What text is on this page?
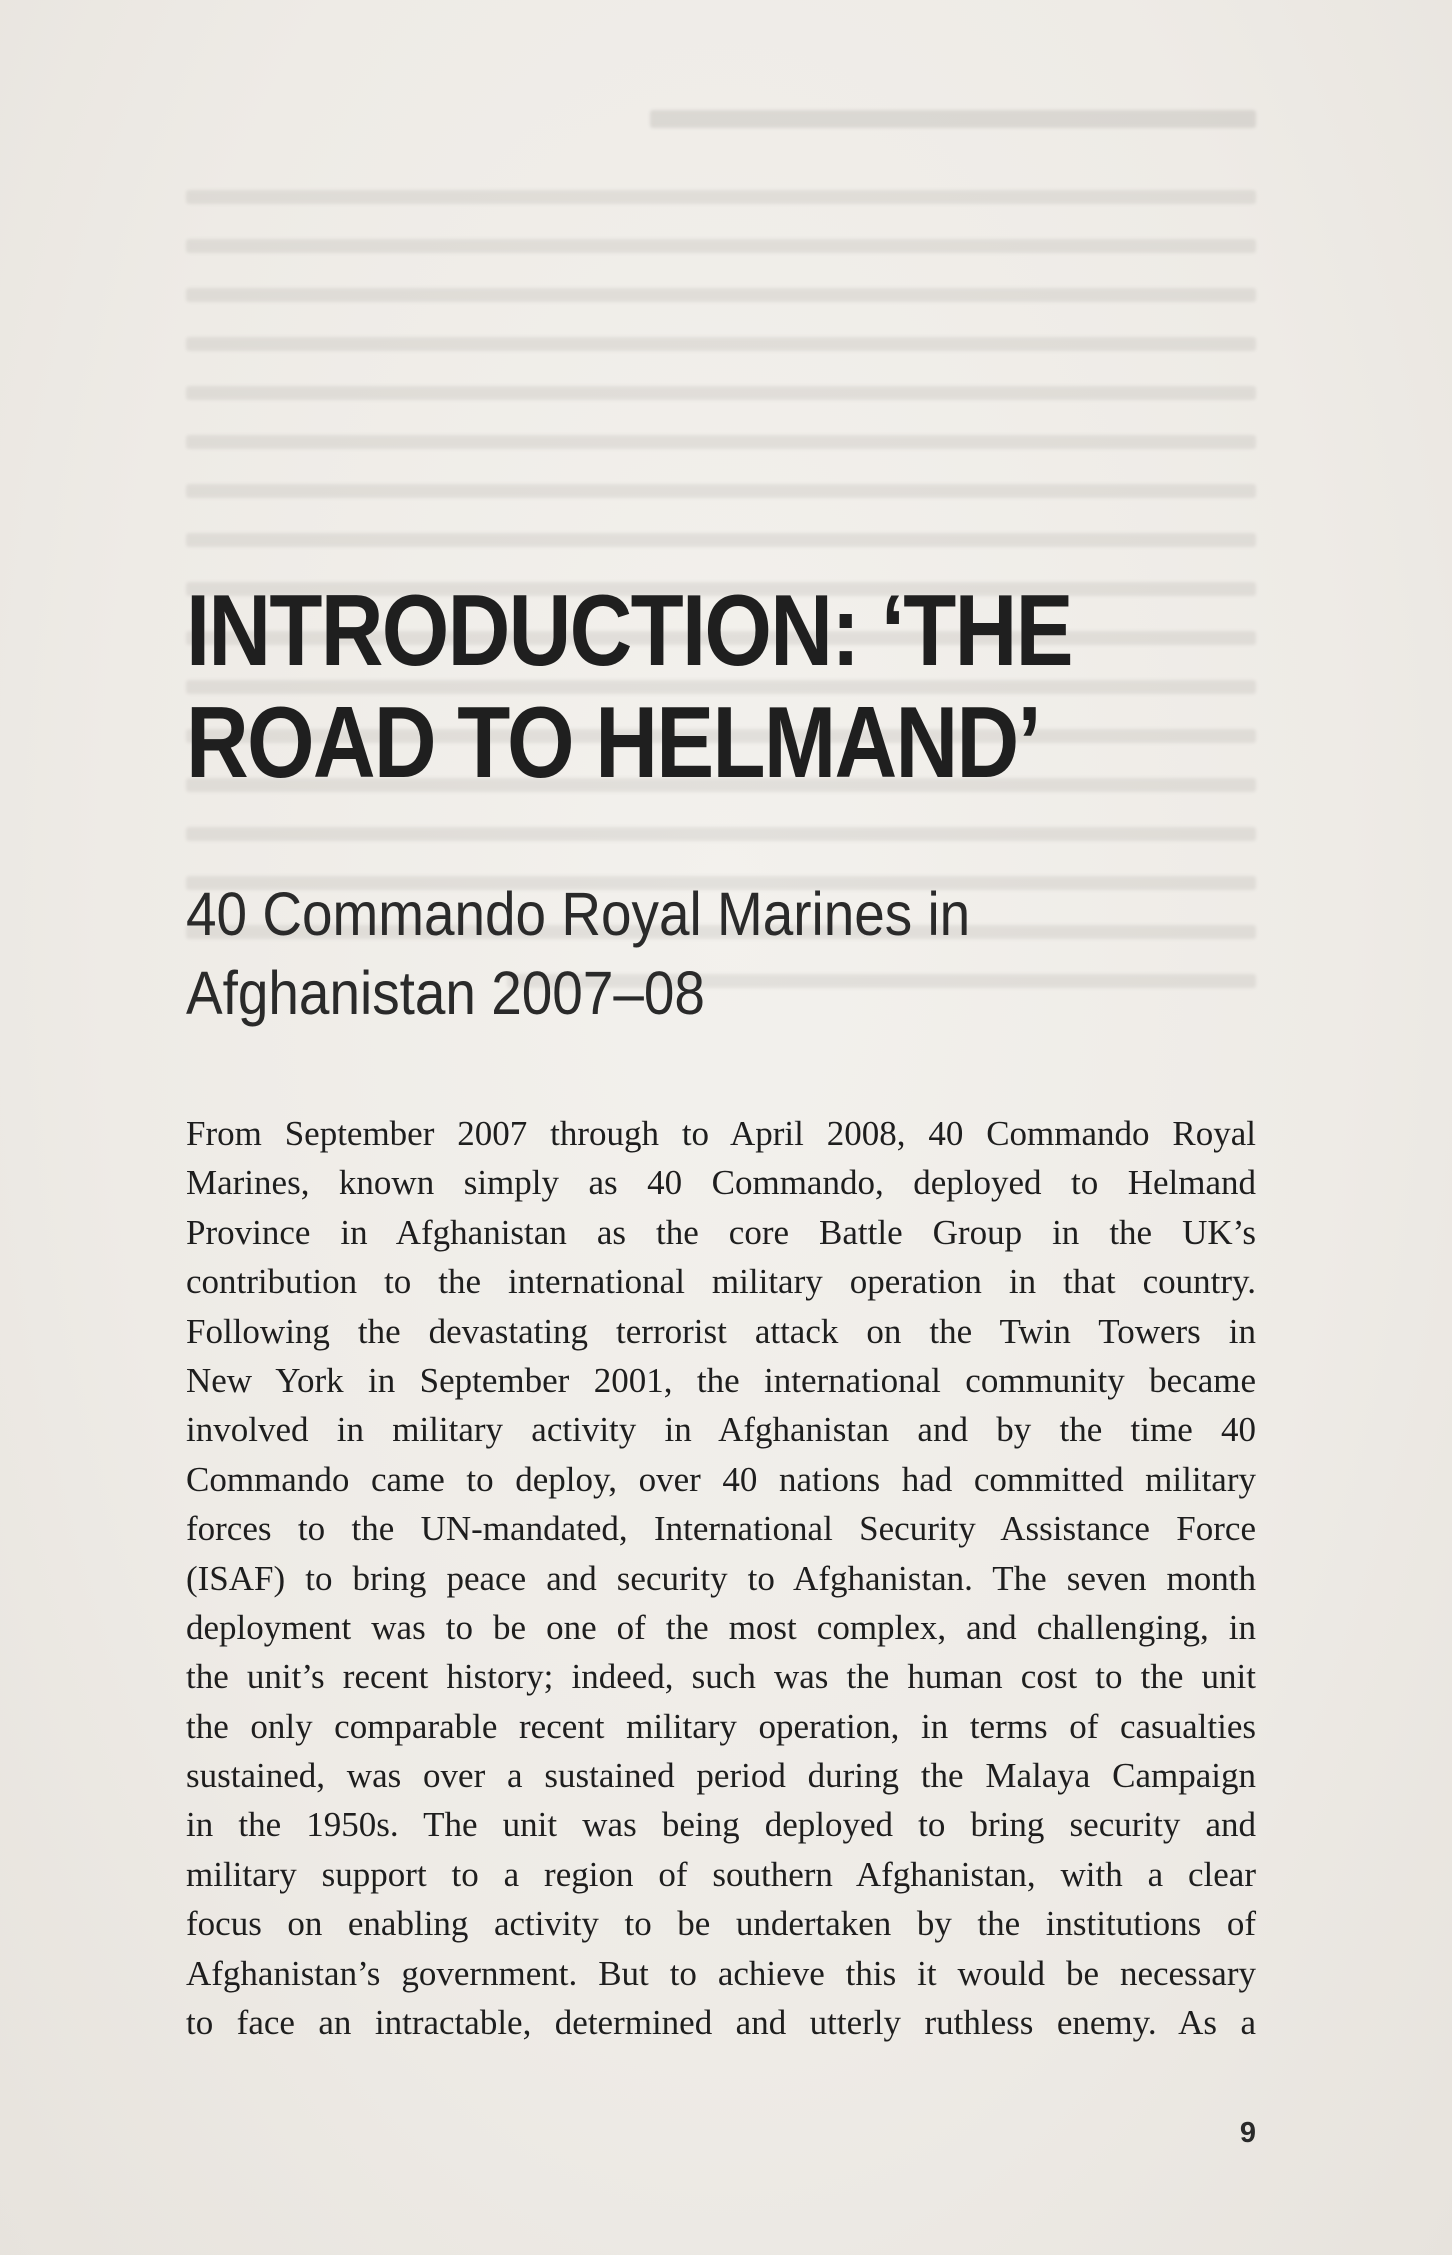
INTRODUCTION: ‘THE
ROAD TO HELMAND’
40 Commando Royal Marines in
Afghanistan 2007–08

From September 2007 through to April 2008, 40 Commando Royal
Marines, known simply as 40 Commando, deployed to Helmand
Province in Afghanistan as the core Battle Group in the UK’s
contribution to the international military operation in that country.
Following the devastating terrorist attack on the Twin Towers in
New York in September 2001, the international community became
involved in military activity in Afghanistan and by the time 40
Commando came to deploy, over 40 nations had committed military
forces to the UN-mandated, International Security Assistance Force
(ISAF) to bring peace and security to Afghanistan. The seven month
deployment was to be one of the most complex, and challenging, in
the unit’s recent history; indeed, such was the human cost to the unit
the only comparable recent military operation, in terms of casualties
sustained, was over a sustained period during the Malaya Campaign
in the 1950s. The unit was being deployed to bring security and
military support to a region of southern Afghanistan, with a clear
focus on enabling activity to be undertaken by the institutions of
Afghanistan’s government. But to achieve this it would be necessary
to face an intractable, determined and utterly ruthless enemy. As a

9
